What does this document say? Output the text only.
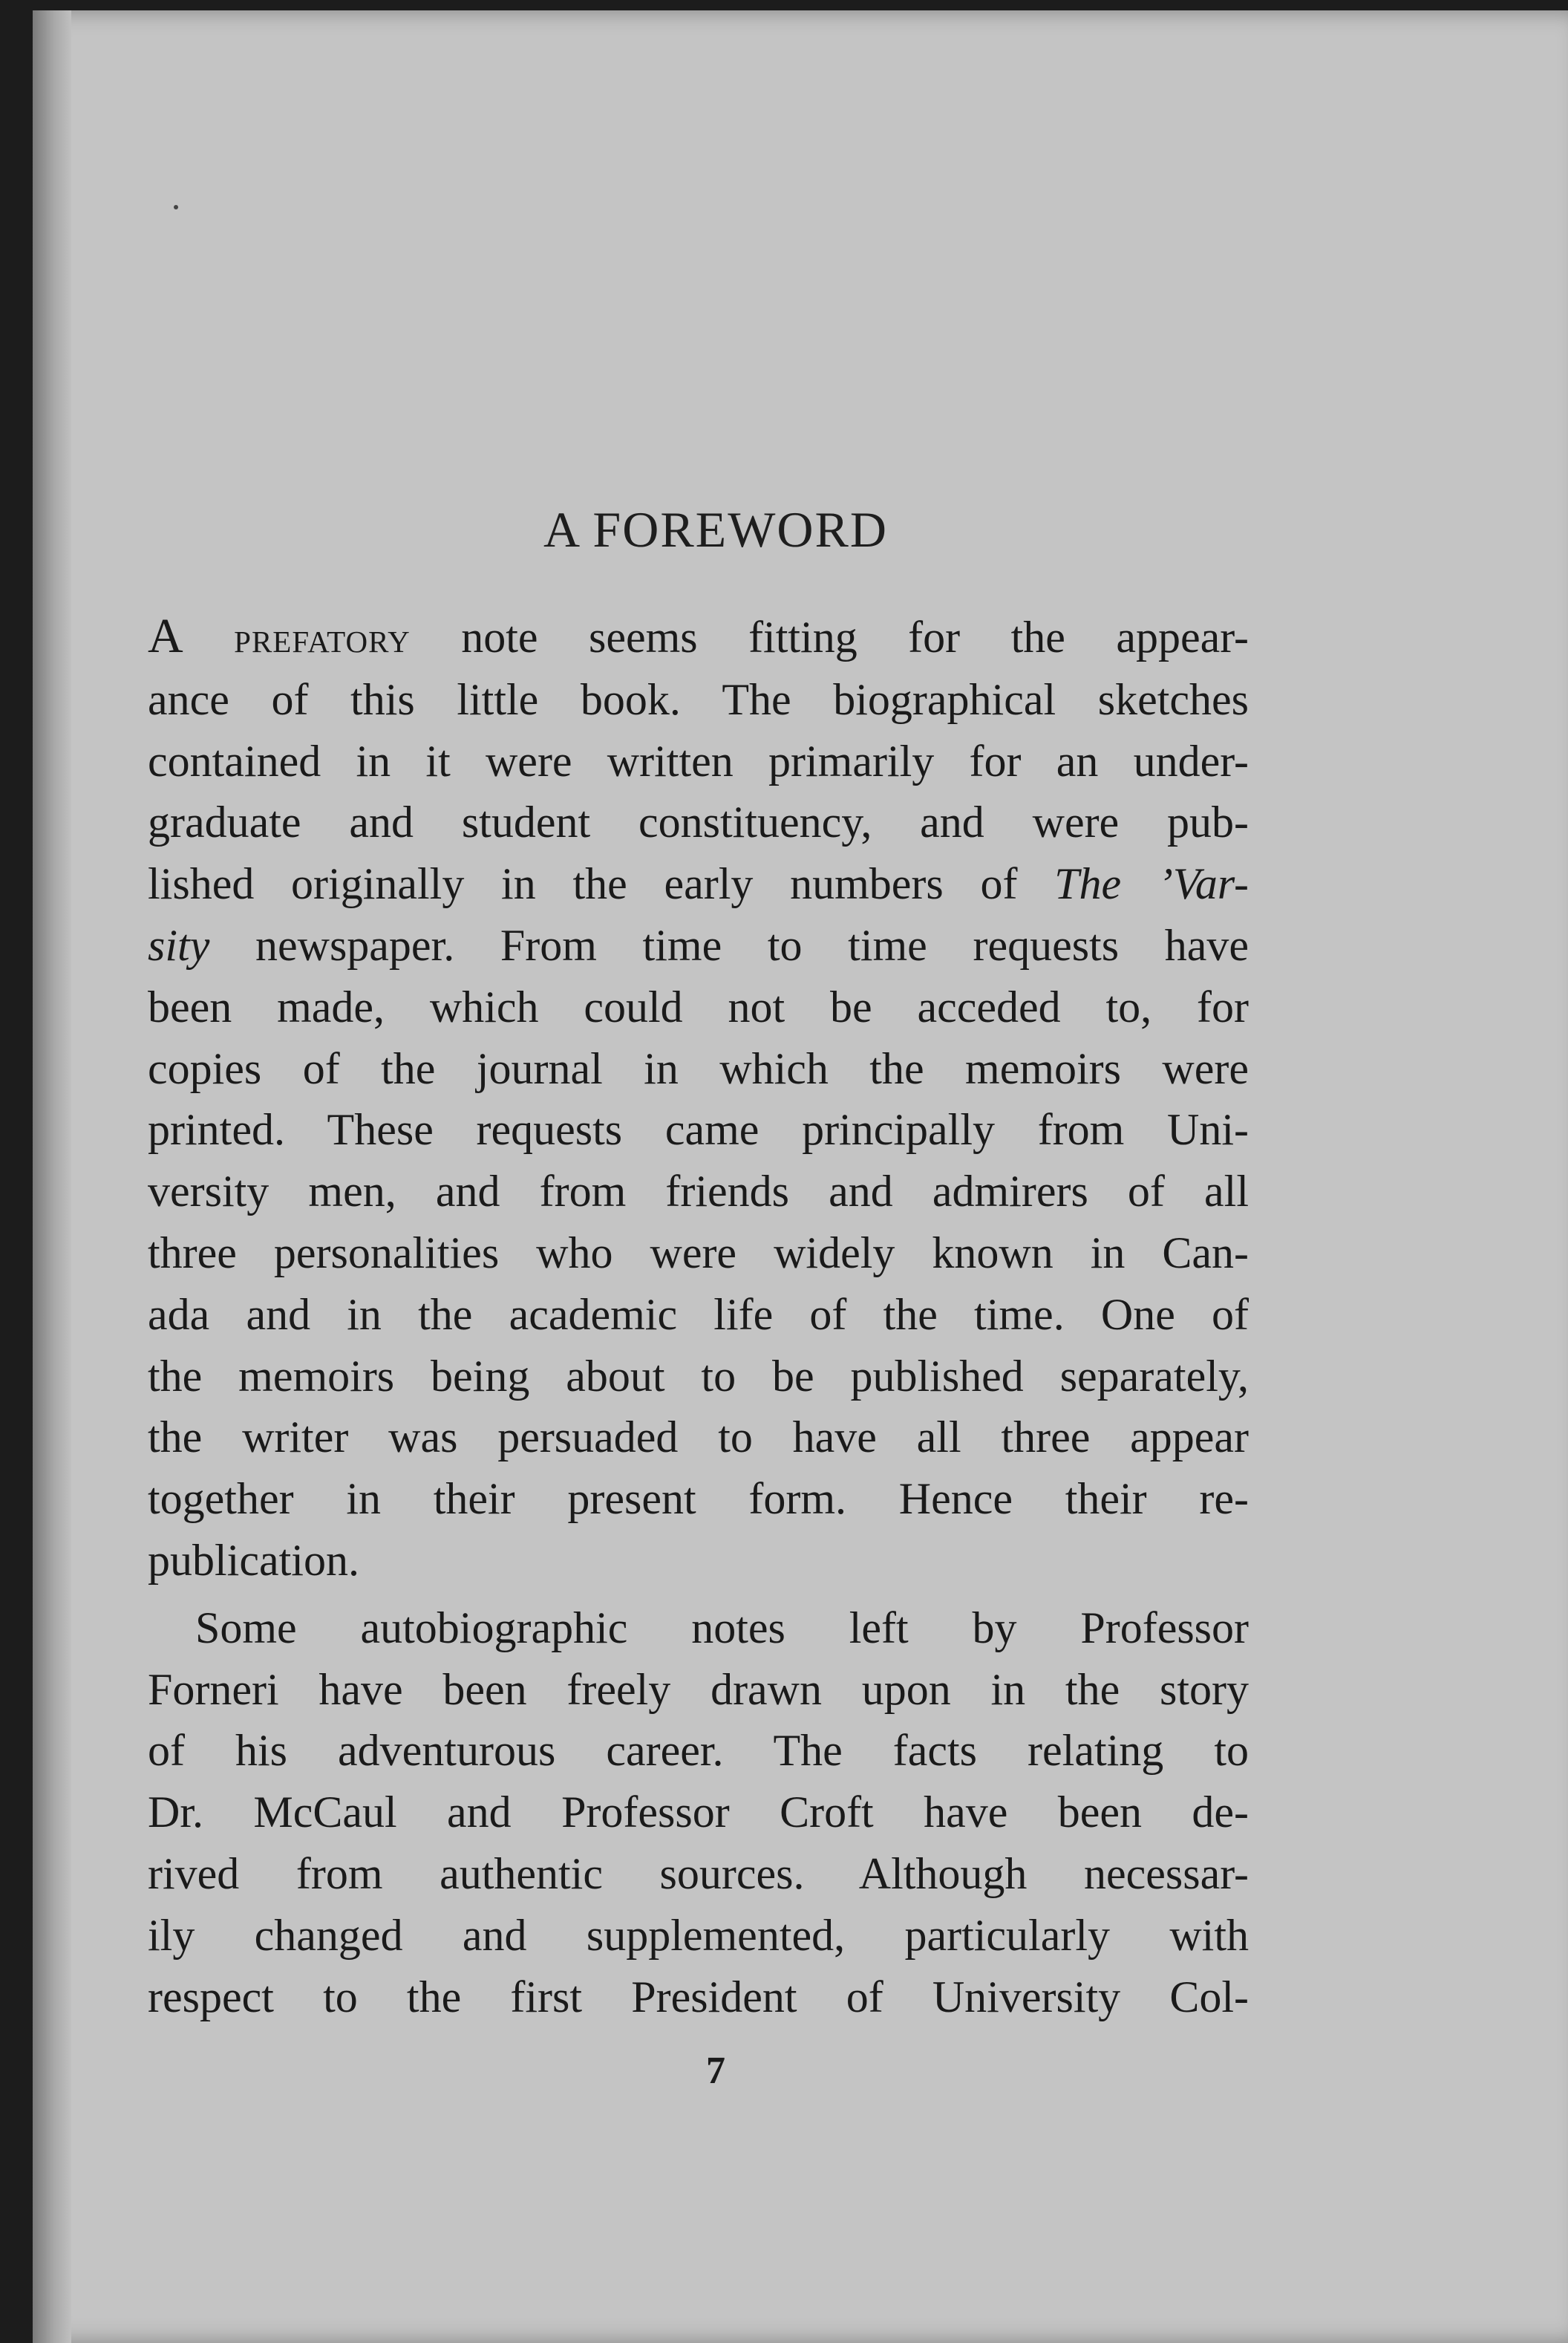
A FOREWORD

A prefatory note seems fitting for the appear-
ance of this little book. The biographical sketches
contained in it were written primarily for an under-
graduate and student constituency, and were pub-
lished originally in the early numbers of The ’Var-
sity newspaper. From time to time requests have
been made, which could not be acceded to, for
copies of the journal in which the memoirs were
printed. These requests came principally from Uni-
versity men, and from friends and admirers of all
three personalities who were widely known in Can-
ada and in the academic life of the time. One of
the memoirs being about to be published separately,
the writer was persuaded to have all three appear
together in their present form. Hence their re-
publication.

Some autobiographic notes left by Professor
Forneri have been freely drawn upon in the story
of his adventurous career. The facts relating to
Dr. McCaul and Professor Croft have been de-
rived from authentic sources. Although necessar-
ily changed and supplemented, particularly with
respect to the first President of University Col-

7
